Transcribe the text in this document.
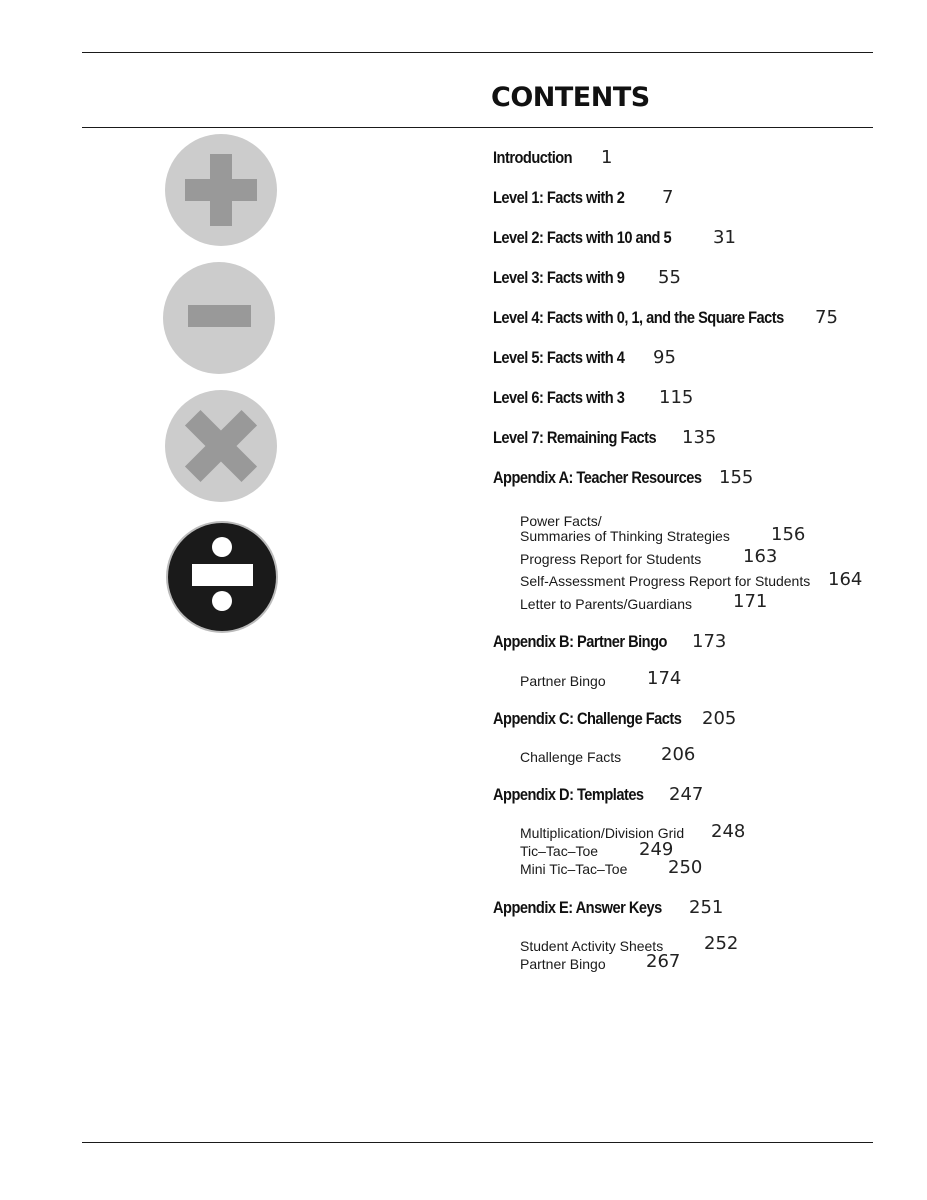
CONTENTS
Introduction	1
Level 1: Facts with 2	7
Level 2: Facts with 10 and 5	31
Level 3: Facts with 9	55
Level 4: Facts with 0, 1, and the Square Facts	75
Level 5: Facts with 4	95
Level 6: Facts with 3	115
Level 7: Remaining Facts	135
Appendix A: Teacher Resources 155
Power Facts/
Summaries of Thinking Strategies 156
Progress Report for Students 163
Self-Assessment Progress Report for Students 164
Letter to Parents/Guardians 171
Appendix B: Partner Bingo	173
Partner Bingo 174
Appendix C: Challenge Facts	205
Challenge Facts 206
Appendix D: Templates	247
Multiplication/Division Grid 248
Tic–Tac–Toe 249
Mini Tic–Tac–Toe 250
Appendix E: Answer Keys	251
Student Activity Sheets 252
Partner Bingo 267
